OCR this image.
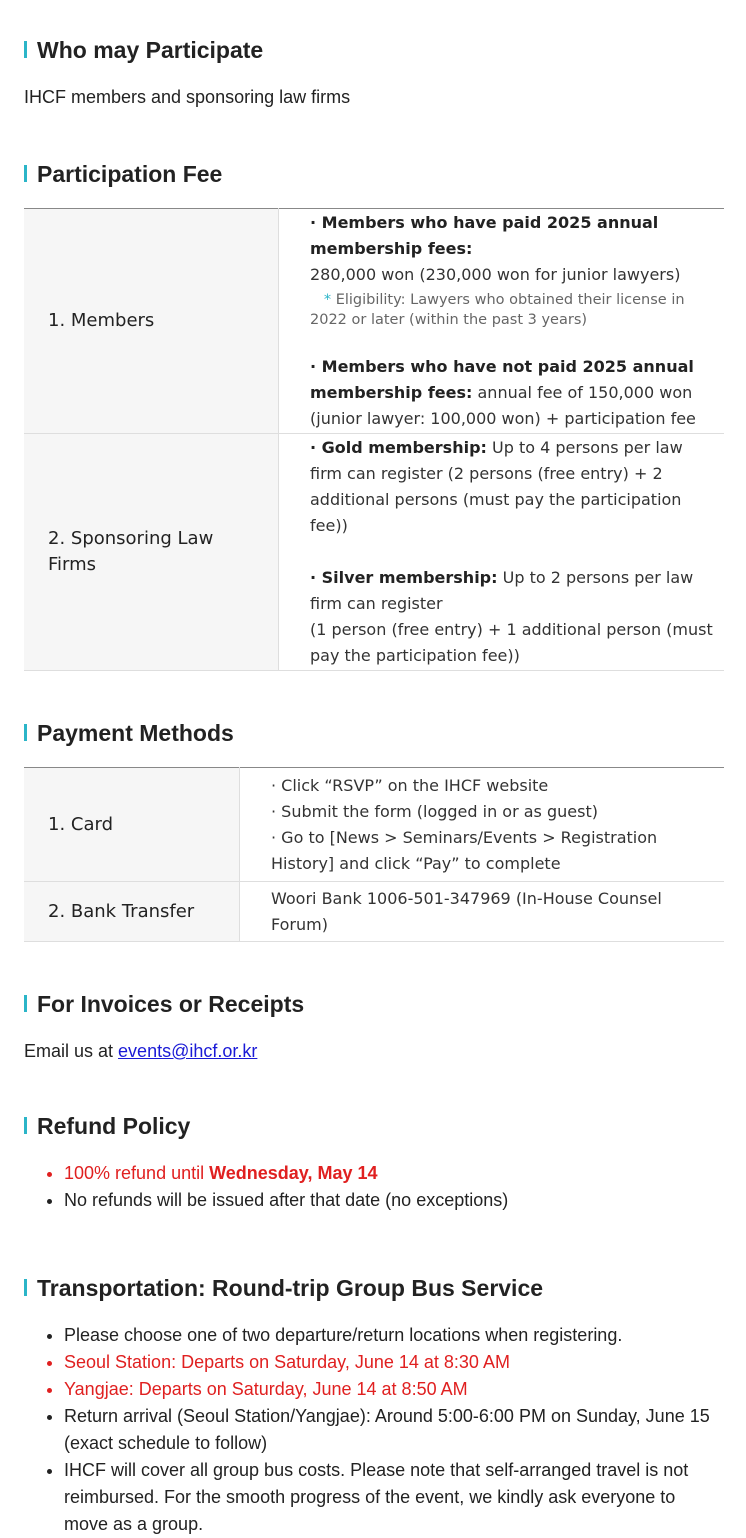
Who may Participate

IHCF members and sponsoring law firms

Participation Fee
1. Members	· Members who have paid 2025 annual membership fees:
280,000 won (230,000 won for junior lawyers)
* Eligibility: Lawyers who obtained their license in 2022 or later (within the past 3 years)
· Members who have not paid 2025 annual membership fees: annual fee of 150,000 won (junior lawyer: 100,000 won) + participation fee

2. Sponsoring Law Firms	· Gold membership: Up to 4 persons per law firm can register (2 persons (free entry) + 2 additional persons (must pay the participation fee))
· Silver membership: Up to 2 persons per law firm can register
(1 person (free entry) + 1 additional person (must pay the participation fee))
Payment Methods
1. Card	· Click “RSVP” on the IHCF website
· Submit the form (logged in or as guest)
· Go to [News > Seminars/Events > Registration History] and click “Pay” to complete

2. Bank Transfer	Woori Bank 1006-501-347969 (In-House Counsel Forum)
For Invoices or Receipts

Email us at events@ihcf.or.kr

Refund Policy
• 100% refund until Wednesday, May 14
• No refunds will be issued after that date (no exceptions)
Transportation: Round-trip Group Bus Service
• Please choose one of two departure/return locations when registering.
• Seoul Station: Departs on Saturday, June 14 at 8:30 AM
• Yangjae: Departs on Saturday, June 14 at 8:50 AM
• Return arrival (Seoul Station/Yangjae): Around 5:00-6:00 PM on Sunday, June 15 (exact schedule to follow)
• IHCF will cover all group bus costs. Please note that self-arranged travel is not reimbursed. For the smooth progress of the event, we kindly ask everyone to move as a group.
